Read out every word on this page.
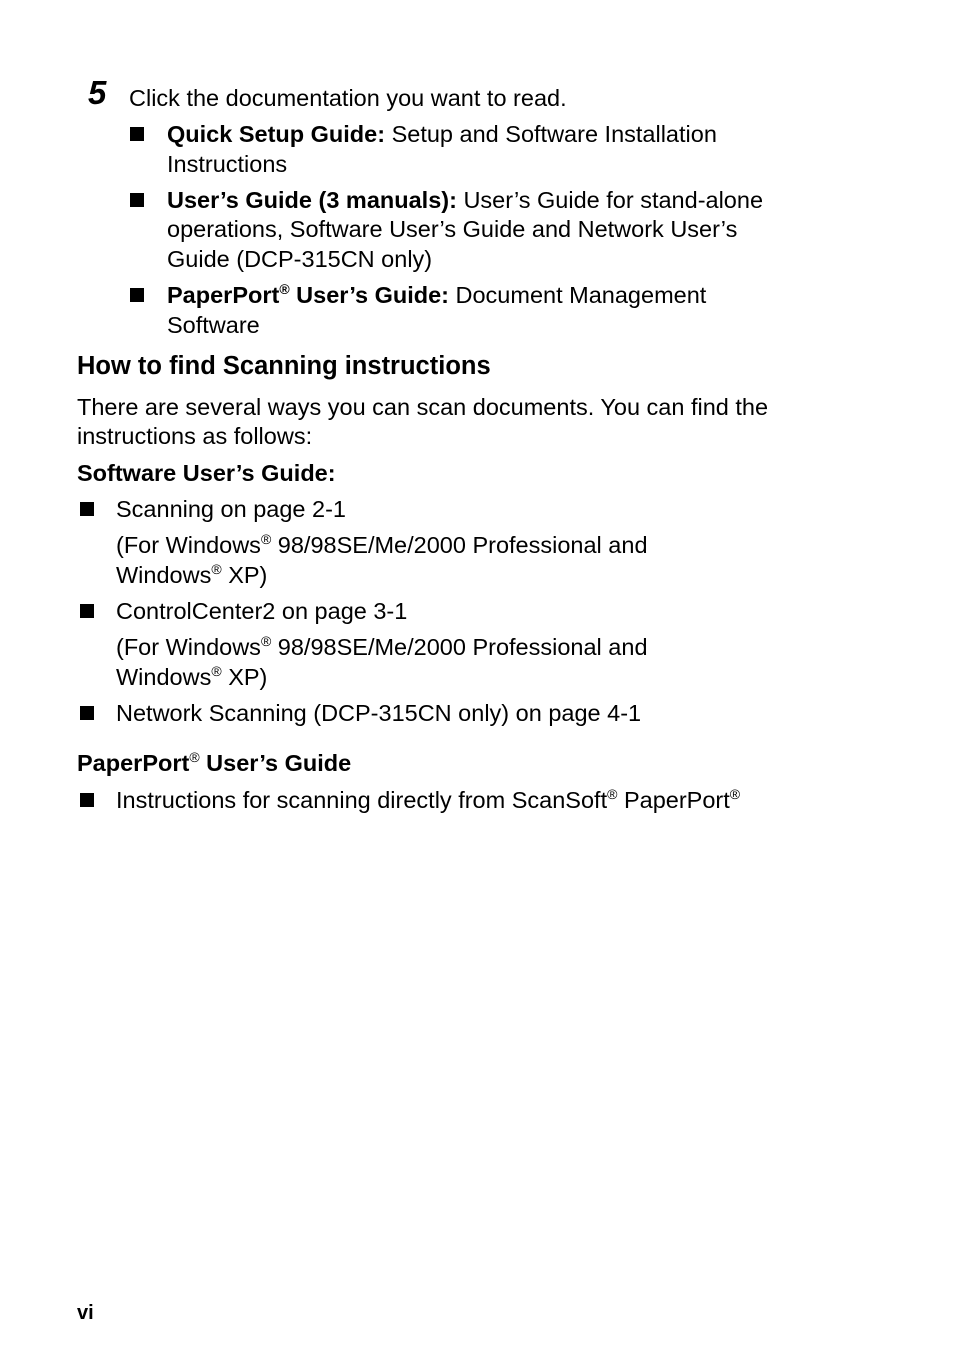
5 Click the documentation you want to read.
Quick Setup Guide: Setup and Software Installation
Instructions
User’s Guide (3 manuals): User’s Guide for stand-alone
operations, Software User’s Guide and Network User’s
Guide (DCP-315CN only)
PaperPort® User’s Guide: Document Management
Software
How to find Scanning instructions
There are several ways you can scan documents. You can find the
instructions as follows:
Software User’s Guide:
Scanning on page 2-1
(For Windows® 98/98SE/Me/2000 Professional and
Windows® XP)
ControlCenter2 on page 3-1
(For Windows® 98/98SE/Me/2000 Professional and
Windows® XP)
Network Scanning (DCP-315CN only) on page 4-1
PaperPort® User’s Guide
Instructions for scanning directly from ScanSoft® PaperPort®
vi
